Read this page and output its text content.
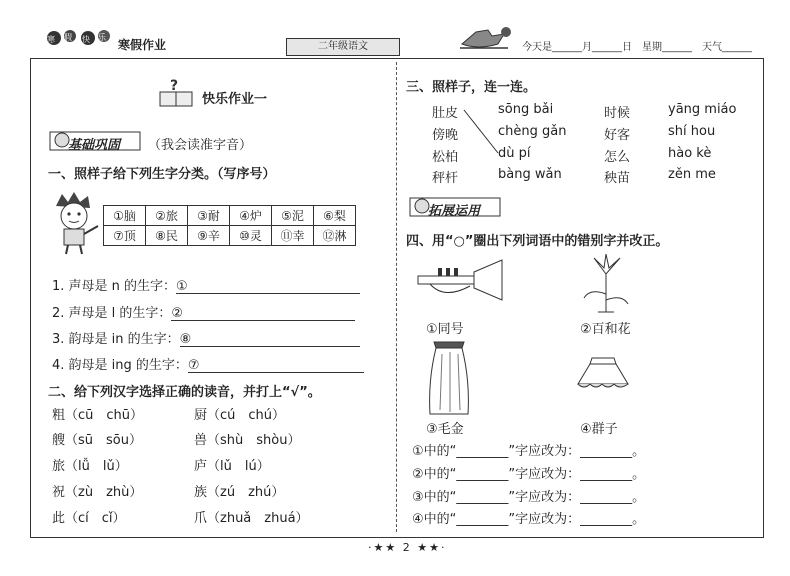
寒 假 快 乐
寒假作业	二年级语文	今天是______月______日　星期______　天气______
?
快乐作业一
基础巩固 （我会读准字音）
一、照样子给下列生字分类。（写序号）
①脑	②旅	③耐	④炉	⑤泥	⑥梨
⑦顶	⑧民	⑨辛	⑩灵	⑪幸	⑫淋
1. 声母是 n 的生字：①
2. 声母是 l 的生字：②
3. 韵母是 in 的生字：⑧
4. 韵母是 ing 的生字：⑦
二、给下列汉字选择正确的读音，并打上“√”。
粗（cū　chū）	厨（cú　chú）
艘（sū　sōu）	兽（shù　shòu）
旅（lǚ　lǔ）	庐（lǔ　lú）
祝（zù　zhù）	族（zú　zhú）
此（cí　cǐ）	爪（zhuǎ　zhuá）
三、照样子，连一连。
肚皮
傍晚
松柏
秤杆
sōng bǎi
chèng gǎn
dù pí
bàng wǎn
时候
好客
怎么
秧苗
yāng miáo
shí hou
hào kè
zěn me
拓展运用
四、用“○”圈出下列词语中的错别字并改正。
①同号	②百和花
③毛金	④群子
①中的“________”字应改为：________。
②中的“________”字应改为：________。
③中的“________”字应改为：________。
④中的“________”字应改为：________。
·★★ 2 ★★·
